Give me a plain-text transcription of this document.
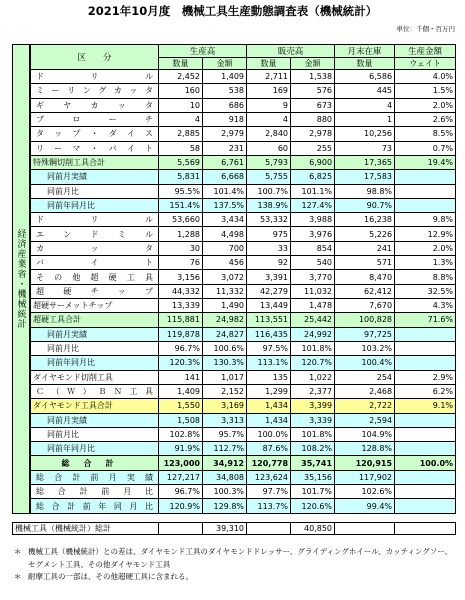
2021年10月度　機械工具生産動態調査表（機械統計）
単位：千個・百万円
経済産業省・機械統計
区　　分	生産高		販売高		月末在庫	生産金額
	数量	金額	数量	金額	数量	ウェイト
ドリル	2,452	1,409	2,711	1,538	6,586	4.0%
ミーリングカッタ	160	538	169	576	445	1.5%
ギヤカッタ	10	686	9	673	4	2.0%
ブローチ	4	918	4	880	1	2.6%
タップ・ダイス	2,885	2,979	2,840	2,978	10,256	8.5%
リーマ・バイト	58	231	60	255	73	0.7%
特殊鋼切削工具合計	5,569	6,761	5,793	6,900	17,365	19.4%
同前月実績	5,831	6,668	5,755	6,825	17,583	
同前月比	95.5%	101.4%	100.7%	101.1%	98.8%	
同前年同月比	151.4%	137.5%	138.9%	127.4%	90.7%	
ドリル	53,660	3,434	53,332	3,988	16,238	9.8%
エンドミル	1,288	4,498	975	3,976	5,226	12.9%
カッタ	30	700	33	854	241	2.0%
バイト	76	456	92	540	571	1.3%
その他超硬工具	3,156	3,072	3,391	3,770	8,470	8.8%
超硬チップ	44,332	11,332	42,279	11,032	62,412	32.5%
超硬サーメットチップ	13,339	1,490	13,449	1,478	7,670	4.3%
超硬工具合計	115,881	24,982	113,551	25,442	100,828	71.6%
同前月実績	119,878	24,827	116,435	24,992	97,725	
同前月比	96.7%	100.6%	97.5%	101.8%	103.2%	
同前年同月比	120.3%	130.3%	113.1%	120.7%	100.4%	
ダイヤモンド切削工具	141	1,017	135	1,022	254	2.9%
Ｃ（Ｗ）ＢＮ工具	1,409	2,152	1,299	2,377	2,468	6.2%
ダイヤモンド工具合計	1,550	3,169	1,434	3,399	2,722	9.1%
同前月実績	1,508	3,313	1,434	3,339	2,594	
同前月比	102.8%	95.7%	100.0%	101.8%	104.9%	
同前年同月比	91.9%	112.7%	87.6%	108.2%	128.8%	
総合計	123,000	34,912	120,778	35,741	120,915	100.0%
総合計前月実績	127,217	34,808	123,624	35,156	117,902	
総合計前月比	96.7%	100.3%	97.7%	101.7%	102.6%	
総合計前年同月比	120.9%	129.8%	113.7%	120.6%	99.4%	
機械工具（機械統計）総計		39,310		40,850		
＊ 機械工具（機械統計）との差は、ダイヤモンド工具のダイヤモンドドレッサー、グライディングホイール、カッティングソー、
セグメント工具、その他ダイヤモンド工具
＊ 耐摩工具の一部は、その他超硬工具に含まれる。
